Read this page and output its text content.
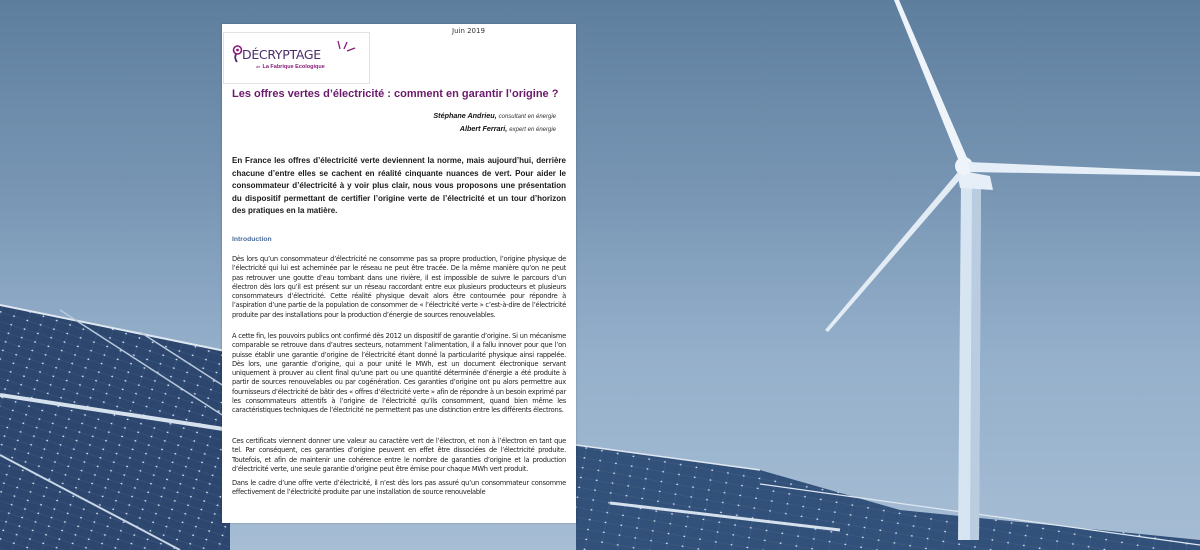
Juin 2019
DÉCRYPTAGE
de La Fabrique Ecologique
Les offres vertes d’électricité : comment en garantir l’origine ?
Stéphane Andrieu, consultant en énergie
Albert Ferrari, expert en énergie
En France les offres d’électricité verte deviennent la norme, mais aujourd’hui, derrière chacune d’entre elles se cachent en réalité cinquante nuances de vert. Pour aider le consommateur d’électricité à y voir plus clair, nous vous proposons une présentation du dispositif permettant de certifier l’origine verte de l’électricité et un tour d’horizon des pratiques en la matière.
Introduction
Dès lors qu’un consommateur d’électricité ne consomme pas sa propre production, l’origine physique de l’électricité qui lui est acheminée par le réseau ne peut être tracée. De la même manière qu’on ne peut pas retrouver une goutte d’eau tombant dans une rivière, il est impossible de suivre le parcours d’un électron dès lors qu’il est présent sur un réseau raccordant entre eux plusieurs producteurs et plusieurs consommateurs d’électricité. Cette réalité physique devait alors être contournée pour répondre à l’aspiration d’une partie de la population de consommer de « l’électricité verte » c’est-à-dire de l’électricité produite par des installations pour la production d’énergie de sources renouvelables.
A cette fin, les pouvoirs publics ont confirmé dès 2012 un dispositif de garantie d’origine. Si un mécanisme comparable se retrouve dans d’autres secteurs, notamment l’alimentation, il a fallu innover pour que l’on puisse établir une garantie d’origine de l’électricité étant donné la particularité physique ainsi rappelée. Dès lors, une garantie d’origine, qui a pour unité le MWh, est un document électronique servant uniquement à prouver au client final qu’une part ou une quantité déterminée d’énergie a été produite à partir de sources renouvelables ou par cogénération. Ces garanties d’origine ont pu alors permettre aux fournisseurs d’électricité de bâtir des « offres d’électricité verte » afin de répondre à un besoin exprimé par les consommateurs attentifs à l’origine de l’électricité qu’ils consomment, quand bien même les caractéristiques techniques de l’électricité ne permettent pas une distinction entre les différents électrons.
Ces certificats viennent donner une valeur au caractère vert de l’électron, et non à l’électron en tant que tel. Par conséquent, ces garanties d’origine peuvent en effet être dissociées de l’électricité produite. Toutefois, et afin de maintenir une cohérence entre le nombre de garanties d’origine et la production d’électricité verte, une seule garantie d’origine peut être émise pour chaque MWh vert produit.
Dans le cadre d’une offre verte d’électricité, il n’est dès lors pas assuré qu’un consommateur consomme effectivement de l’électricité produite par une installation de source renouvelable
